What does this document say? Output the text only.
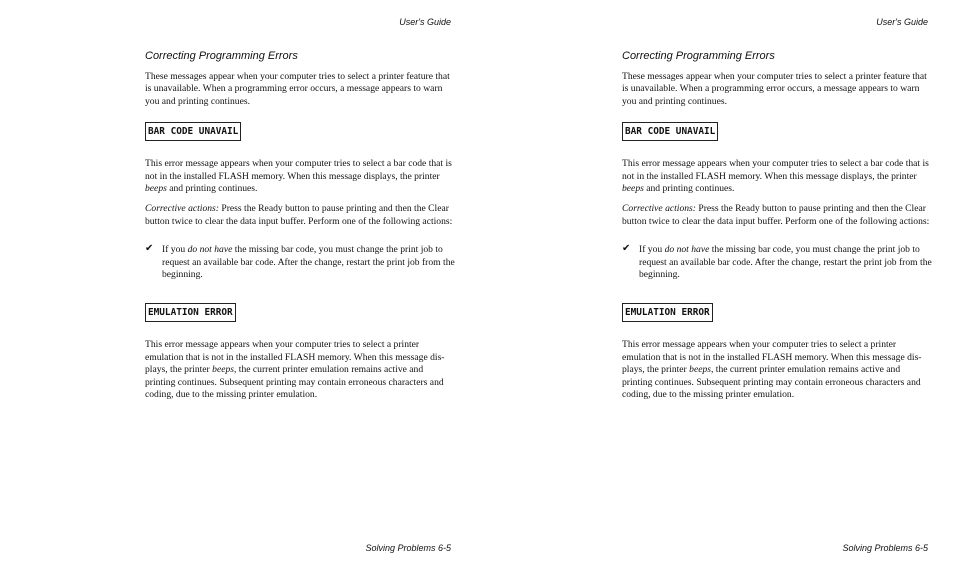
User's Guide
Correcting Programming Errors

These messages appear when your computer tries to select a printer feature that is unavailable. When a programming error occurs, a message appears to warn you and printing continues.

BAR CODE UNAVAIL

This error message appears when your computer tries to select a bar code that is not in the installed FLASH memory. When this message displays, the printer beeps and printing continues.

Corrective actions: Press the Ready button to pause printing and then the Clear button twice to clear the data input buffer. Perform one of the following actions:

✔ If you do not have the missing bar code, you must change the print job to request an available bar code. After the change, restart the print job from the beginning.
EMULATION ERROR

This error message appears when your computer tries to select a printer emulation that is not in the installed FLASH memory. When this message dis-plays, the printer beeps, the current printer emulation remains active and printing continues. Subsequent printing may contain erroneous characters and coding, due to the missing printer emulation.

Solving Problems 6-5
User's Guide
Correcting Programming Errors

These messages appear when your computer tries to select a printer feature that is unavailable. When a programming error occurs, a message appears to warn you and printing continues.

BAR CODE UNAVAIL

This error message appears when your computer tries to select a bar code that is not in the installed FLASH memory. When this message displays, the printer beeps and printing continues.

Corrective actions: Press the Ready button to pause printing and then the Clear button twice to clear the data input buffer. Perform one of the following actions:

✔ If you do not have the missing bar code, you must change the print job to request an available bar code. After the change, restart the print job from the beginning.
EMULATION ERROR

This error message appears when your computer tries to select a printer emulation that is not in the installed FLASH memory. When this message dis-plays, the printer beeps, the current printer emulation remains active and printing continues. Subsequent printing may contain erroneous characters and coding, due to the missing printer emulation.

Solving Problems 6-5
